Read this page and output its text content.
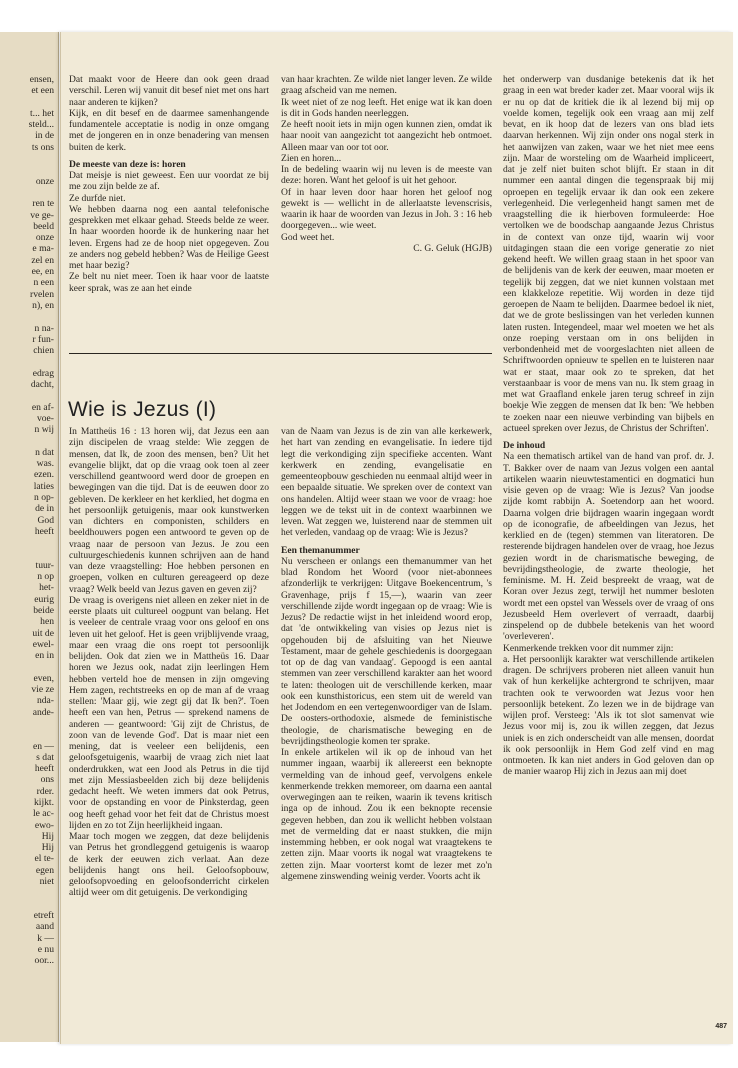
ensen,
et een
t... het
steld...
in de
ts ons
onze
ren te
ve ge-
beeld
onze
e ma-
zel en
ee, en
n een
rvelen
n), en
n na-
r fun-
chien
edrag
dacht,
en af-
voe-
n wij
n dat
was.
ezen.
laties
n op-
de in
God
heeft
tuur-
n op
het-
eurig
beide
hen
uit de
ewel-
en in
even,
vie ze
nda-
ande-
en —
s dat
heeft
ons
rder.
kijkt.
le ac-
ewo-
Hij
Hij
el te-
egen
niet
etreft
aand
k —
e nu
oor...

Dat maakt voor de Heere dan ook geen draad verschil. Leren wij vanuit dit besef niet met ons hart naar anderen te kijken?

Kijk, en dit besef en de daarmee samenhangende fundamentele acceptatie is nodig in onze omgang met de jongeren en in onze benadering van mensen buiten de kerk.

De meeste van deze is: horen

Dat meisje is niet geweest. Een uur voordat ze bij me zou zijn belde ze af.

Ze durfde niet.

We hebben daarna nog een aantal telefonische gesprekken met elkaar gehad. Steeds belde ze weer. In haar woorden hoorde ik de hunkering naar het leven. Ergens had ze de hoop niet opgegeven. Zou ze anders nog gebeld hebben? Was de Heilige Geest met haar bezig?

Ze belt nu niet meer. Toen ik haar voor de laatste keer sprak, was ze aan het einde

van haar krachten. Ze wilde niet langer leven. Ze wilde graag afscheid van me nemen.

Ik weet niet of ze nog leeft. Het enige wat ik kan doen is dit in Gods handen neerleggen.

Ze heeft nooit iets in mijn ogen kunnen zien, omdat ik haar nooit van aangezicht tot aangezicht heb ontmoet. Alleen maar van oor tot oor.

Zien en horen...

In de bedeling waarin wij nu leven is de meeste van deze: horen. Want het geloof is uit het gehoor.

Of in haar leven door haar horen het geloof nog gewekt is — wellicht in de allerlaatste levenscrisis, waarin ik haar de woorden van Jezus in Joh. 3 : 16 heb doorgegeven... wie weet.

God weet het.

C. G. Geluk (HGJB)

Wie is Jezus (I)

In Mattheüs 16 : 13 horen wij, dat Jezus een aan zijn discipelen de vraag stelde: Wie zeggen de mensen, dat Ik, de zoon des mensen, ben? Uit het evangelie blijkt, dat op die vraag ook toen al zeer verschillend geantwoord werd door de groepen en bewegingen van die tijd. Dat is de eeuwen door zo gebleven. De kerkleer en het kerklied, het dogma en het persoonlijk getuigenis, maar ook kunstwerken van dichters en componisten, schilders en beeldhouwers pogen een antwoord te geven op de vraag naar de persoon van Jezus. Je zou een cultuurgeschiedenis kunnen schrijven aan de hand van deze vraagstelling: Hoe hebben personen en groepen, volken en culturen gereageerd op deze vraag? Welk beeld van Jezus gaven en geven zij?

De vraag is overigens niet alleen en zeker niet in de eerste plaats uit cultureel oogpunt van belang. Het is veeleer de centrale vraag voor ons geloof en ons leven uit het geloof. Het is geen vrijblijvende vraag, maar een vraag die ons roept tot persoonlijk belijden. Ook dat zien we in Mattheüs 16. Daar horen we Jezus ook, nadat zijn leerlingen Hem hebben verteld hoe de mensen in zijn omgeving Hem zagen, rechtstreeks en op de man af de vraag stellen: 'Maar gij, wie zegt gij dat Ik ben?'. Toen heeft een van hen, Petrus — sprekend namens de anderen — geantwoord: 'Gij zijt de Christus, de zoon van de levende God'. Dat is maar niet een mening, dat is veeleer een belijdenis, een geloofsgetuigenis, waarbij de vraag zich niet laat onderdrukken, wat een Jood als Petrus in die tijd met zijn Messiasbeelden zich bij deze belijdenis gedacht heeft. We weten immers dat ook Petrus, voor de opstanding en voor de Pinksterdag, geen oog heeft gehad voor het feit dat de Christus moest lijden en zo tot Zijn heerlijkheid ingaan.

Maar toch mogen we zeggen, dat deze belijdenis van Petrus het grondleggend getuigenis is waarop de kerk der eeuwen zich verlaat. Aan deze belijdenis hangt ons heil. Geloofsopbouw, geloofsopvoeding en geloofsonderricht cirkelen altijd weer om dit getuigenis. De verkondiging

van de Naam van Jezus is de zin van alle kerkewerk, het hart van zending en evangelisatie. In iedere tijd legt die verkondiging zijn specifieke accenten. Want kerkwerk en zending, evangelisatie en gemeenteopbouw geschieden nu eenmaal altijd weer in een bepaalde situatie. We spreken over de context van ons handelen. Altijd weer staan we voor de vraag: hoe leggen we de tekst uit in de context waarbinnen we leven. Wat zeggen we, luisterend naar de stemmen uit het verleden, vandaag op de vraag: Wie is Jezus?

Een themanummer

Nu verscheen er onlangs een themanummer van het blad Rondom het Woord (voor niet-abonnees afzonderlijk te verkrijgen: Uitgave Boekencentrum, 's Gravenhage, prijs f 15,—), waarin van zeer verschillende zijde wordt ingegaan op de vraag: Wie is Jezus? De redactie wijst in het inleidend woord erop, dat 'de ontwikkeling van visies op Jezus niet is opgehouden bij de afsluiting van het Nieuwe Testament, maar de gehele geschiedenis is doorgegaan tot op de dag van vandaag'. Gepoogd is een aantal stemmen van zeer verschillend karakter aan het woord te laten: theologen uit de verschillende kerken, maar ook een kunsthistoricus, een stem uit de wereld van het Jodendom en een vertegenwoordiger van de Islam. De oosters-orthodoxie, alsmede de feministische theologie, de charismatische beweging en de bevrijdingstheologie komen ter sprake.

In enkele artikelen wil ik op de inhoud van het nummer ingaan, waarbij ik allereerst een beknopte vermelding van de inhoud geef, vervolgens enkele kenmerkende trekken memoreer, om daarna een aantal overwegingen aan te reiken, waarin ik tevens kritisch inga op de inhoud. Zou ik een beknopte recensie gegeven hebben, dan zou ik wellicht hebben volstaan met de vermelding dat er naast stukken, die mijn instemming hebben, er ook nogal wat vraagtekens te zetten zijn. Maar voorts ik nogal wat vraagtekens te zetten zijn. Maar voorterst komt de lezer met zo'n algemene zinswending weinig verder. Voorts acht ik

het onderwerp van dusdanige betekenis dat ik het graag in een wat breder kader zet. Maar vooral wijs ik er nu op dat de kritiek die ik al lezend bij mij op voelde komen, tegelijk ook een vraag aan mij zelf bevat, en ik hoop dat de lezers van ons blad iets daarvan herkennen. Wij zijn onder ons nogal sterk in het aanwijzen van zaken, waar we het niet mee eens zijn. Maar de worsteling om de Waarheid impliceert, dat je zelf niet buiten schot blijft. Er staan in dit nummer een aantal dingen die tegenspraak bij mij oproepen en tegelijk ervaar ik dan ook een zekere verlegenheid. Die verlegenheid hangt samen met de vraagstelling die ik hierboven formuleerde: Hoe vertolken we de boodschap aangaande Jezus Christus in de context van onze tijd, waarin wij voor uitdagingen staan die een vorige generatie zo niet gekend heeft. We willen graag staan in het spoor van de belijdenis van de kerk der eeuwen, maar moeten er tegelijk bij zeggen, dat we niet kunnen volstaan met een klakkeloze repetitie. Wij worden in deze tijd geroepen de Naam te belijden. Daarmee bedoel ik niet, dat we de grote beslissingen van het verleden kunnen laten rusten. Integendeel, maar wel moeten we het als onze roeping verstaan om in ons belijden in verbondenheid met de voorgeslachten niet alleen de Schriftwoorden opnieuw te spellen en te luisteren naar wat er staat, maar ook zo te spreken, dat het verstaanbaar is voor de mens van nu. Ik stem graag in met wat Graafland enkele jaren terug schreef in zijn boekje Wie zeggen de mensen dat Ik ben: 'We hebben te zoeken naar een nieuwe verbinding van bijbels en actueel spreken over Jezus, de Christus der Schriften'.

De inhoud

Na een thematisch artikel van de hand van prof. dr. J. T. Bakker over de naam van Jezus volgen een aantal artikelen waarin nieuwtestamentici en dogmatici hun visie geven op de vraag: Wie is Jezus? Van joodse zijde komt rabbijn A. Soetendorp aan het woord. Daarna volgen drie bijdragen waarin ingegaan wordt op de iconografie, de afbeeldingen van Jezus, het kerklied en de (tegen) stemmen van literatoren. De resterende bijdragen handelen over de vraag, hoe Jezus gezien wordt in de charismatische beweging, de bevrijdingstheologie, de zwarte theologie, het feminisme. M. H. Zeid bespreekt de vraag, wat de Koran over Jezus zegt, terwijl het nummer besloten wordt met een opstel van Wessels over de vraag of ons Jezusbeeld Hem overlevert of verraadt, daarbij zinspelend op de dubbele betekenis van het woord 'overleveren'.

Kenmerkende trekken voor dit nummer zijn:

a. Het persoonlijk karakter wat verschillende artikelen dragen. De schrijvers proberen niet alleen vanuit hun vak of hun kerkelijke achtergrond te schrijven, maar trachten ook te verwoorden wat Jezus voor hen persoonlijk betekent. Zo lezen we in de bijdrage van wijlen prof. Versteeg: 'Als ik tot slot samenvat wie Jezus voor mij is, zou ik willen zeggen, dat Jezus uniek is en zich onderscheidt van alle mensen, doordat ik ook persoonlijk in Hem God zelf vind en mag ontmoeten. Ik kan niet anders in God geloven dan op de manier waarop Hij zich in Jezus aan mij doet

487
